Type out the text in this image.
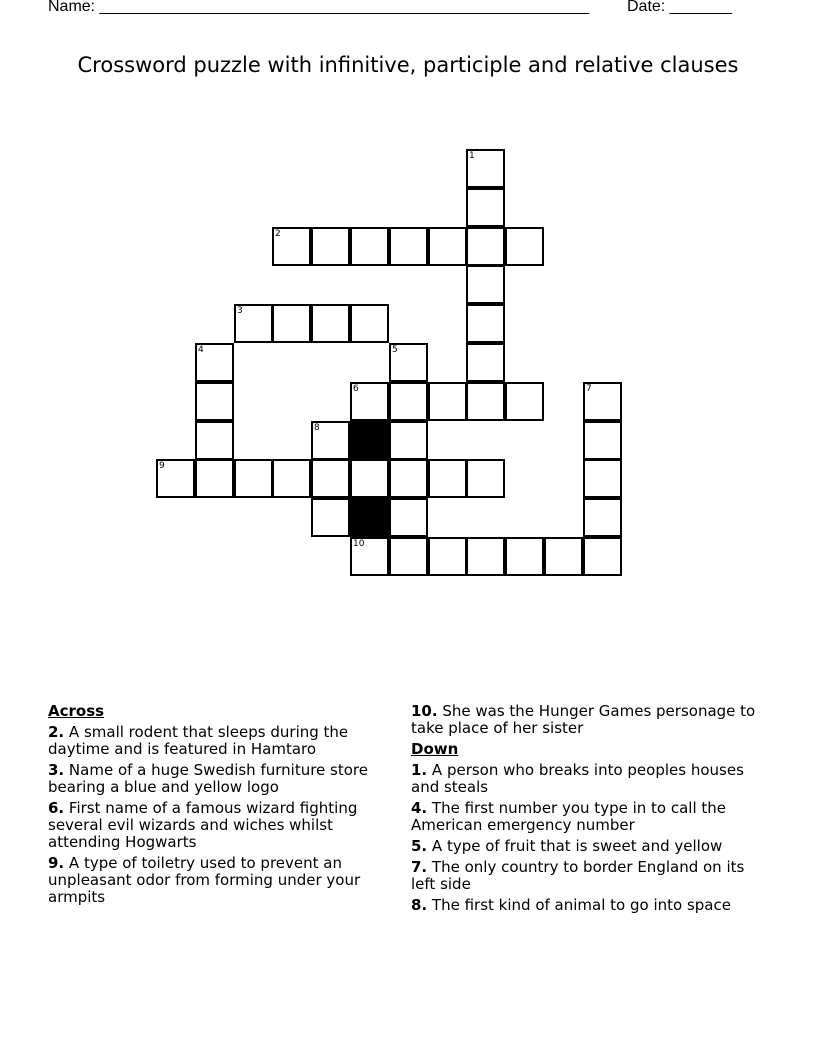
Name: _______________________________________________________ Date: _______
Crossword puzzle with infinitive, participle and relative clauses
1
2
3
4	5
6	7
8
9
10
Across
2. A small rodent that sleeps during the daytime and is featured in Hamtaro
3. Name of a huge Swedish furniture store bearing a blue and yellow logo
6. First name of a famous wizard fighting several evil wizards and wiches whilst attending Hogwarts
9. A type of toiletry used to prevent an unpleasant odor from forming under your armpits
10. She was the Hunger Games personage to take place of her sister
Down
1. A person who breaks into peoples houses and steals
4. The first number you type in to call the American emergency number
5. A type of fruit that is sweet and yellow
7. The only country to border England on its left side
8. The first kind of animal to go into space
